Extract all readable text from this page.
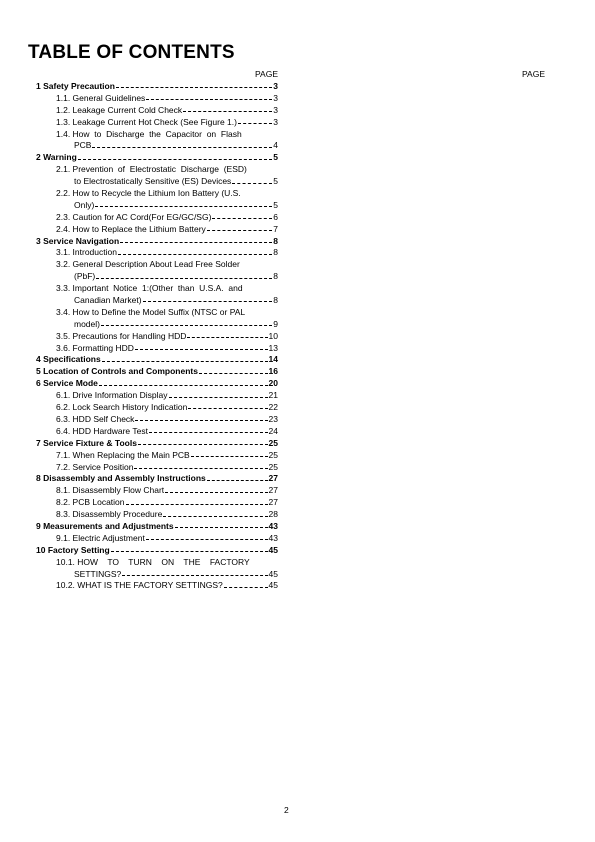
TABLE OF CONTENTS
PAGE	PAGE
1 Safety Precaution	3
1.1. General Guidelines	3
1.2. Leakage Current Cold Check	3
1.3. Leakage Current Hot Check (See Figure 1.)	3
1.4. How  to  Discharge  the  Capacitor  on  Flash
PCB	4
2 Warning	5
2.1. Prevention  of  Electrostatic  Discharge  (ESD)
to Electrostatically Sensitive (ES) Devices	5
2.2. How to Recycle the Lithium Ion Battery (U.S.
Only)	5
2.3. Caution for AC Cord(For EG/GC/SG)	6
2.4. How to Replace the Lithium Battery	7
3 Service Navigation	8
3.1. Introduction	8
3.2. General Description About Lead Free Solder
(PbF)	8
3.3. Important  Notice  1:(Other  than  U.S.A.  and
Canadian Market)	8
3.4. How to Define the Model Suffix (NTSC or PAL
model)	9
3.5. Precautions for Handling HDD	10
3.6. Formatting HDD	13
4 Specifications	14
5 Location of Controls and Components	16
6 Service Mode	20
6.1. Drive Information Display	21
6.2. Lock Search History Indication	22
6.3. HDD Self Check	23
6.4. HDD Hardware Test	24
7 Service Fixture & Tools	25
7.1. When Replacing the Main PCB	25
7.2. Service Position	25
8 Disassembly and Assembly Instructions	27
8.1. Disassembly Flow Chart	27
8.2. PCB Location	27
8.3. Disassembly Procedure	28
9 Measurements and Adjustments	43
9.1. Electric Adjustment	43
10 Factory Setting	45
10.1. HOW    TO    TURN    ON    THE    FACTORY
SETTINGS?	45
10.2. WHAT IS THE FACTORY SETTINGS?	45
2
